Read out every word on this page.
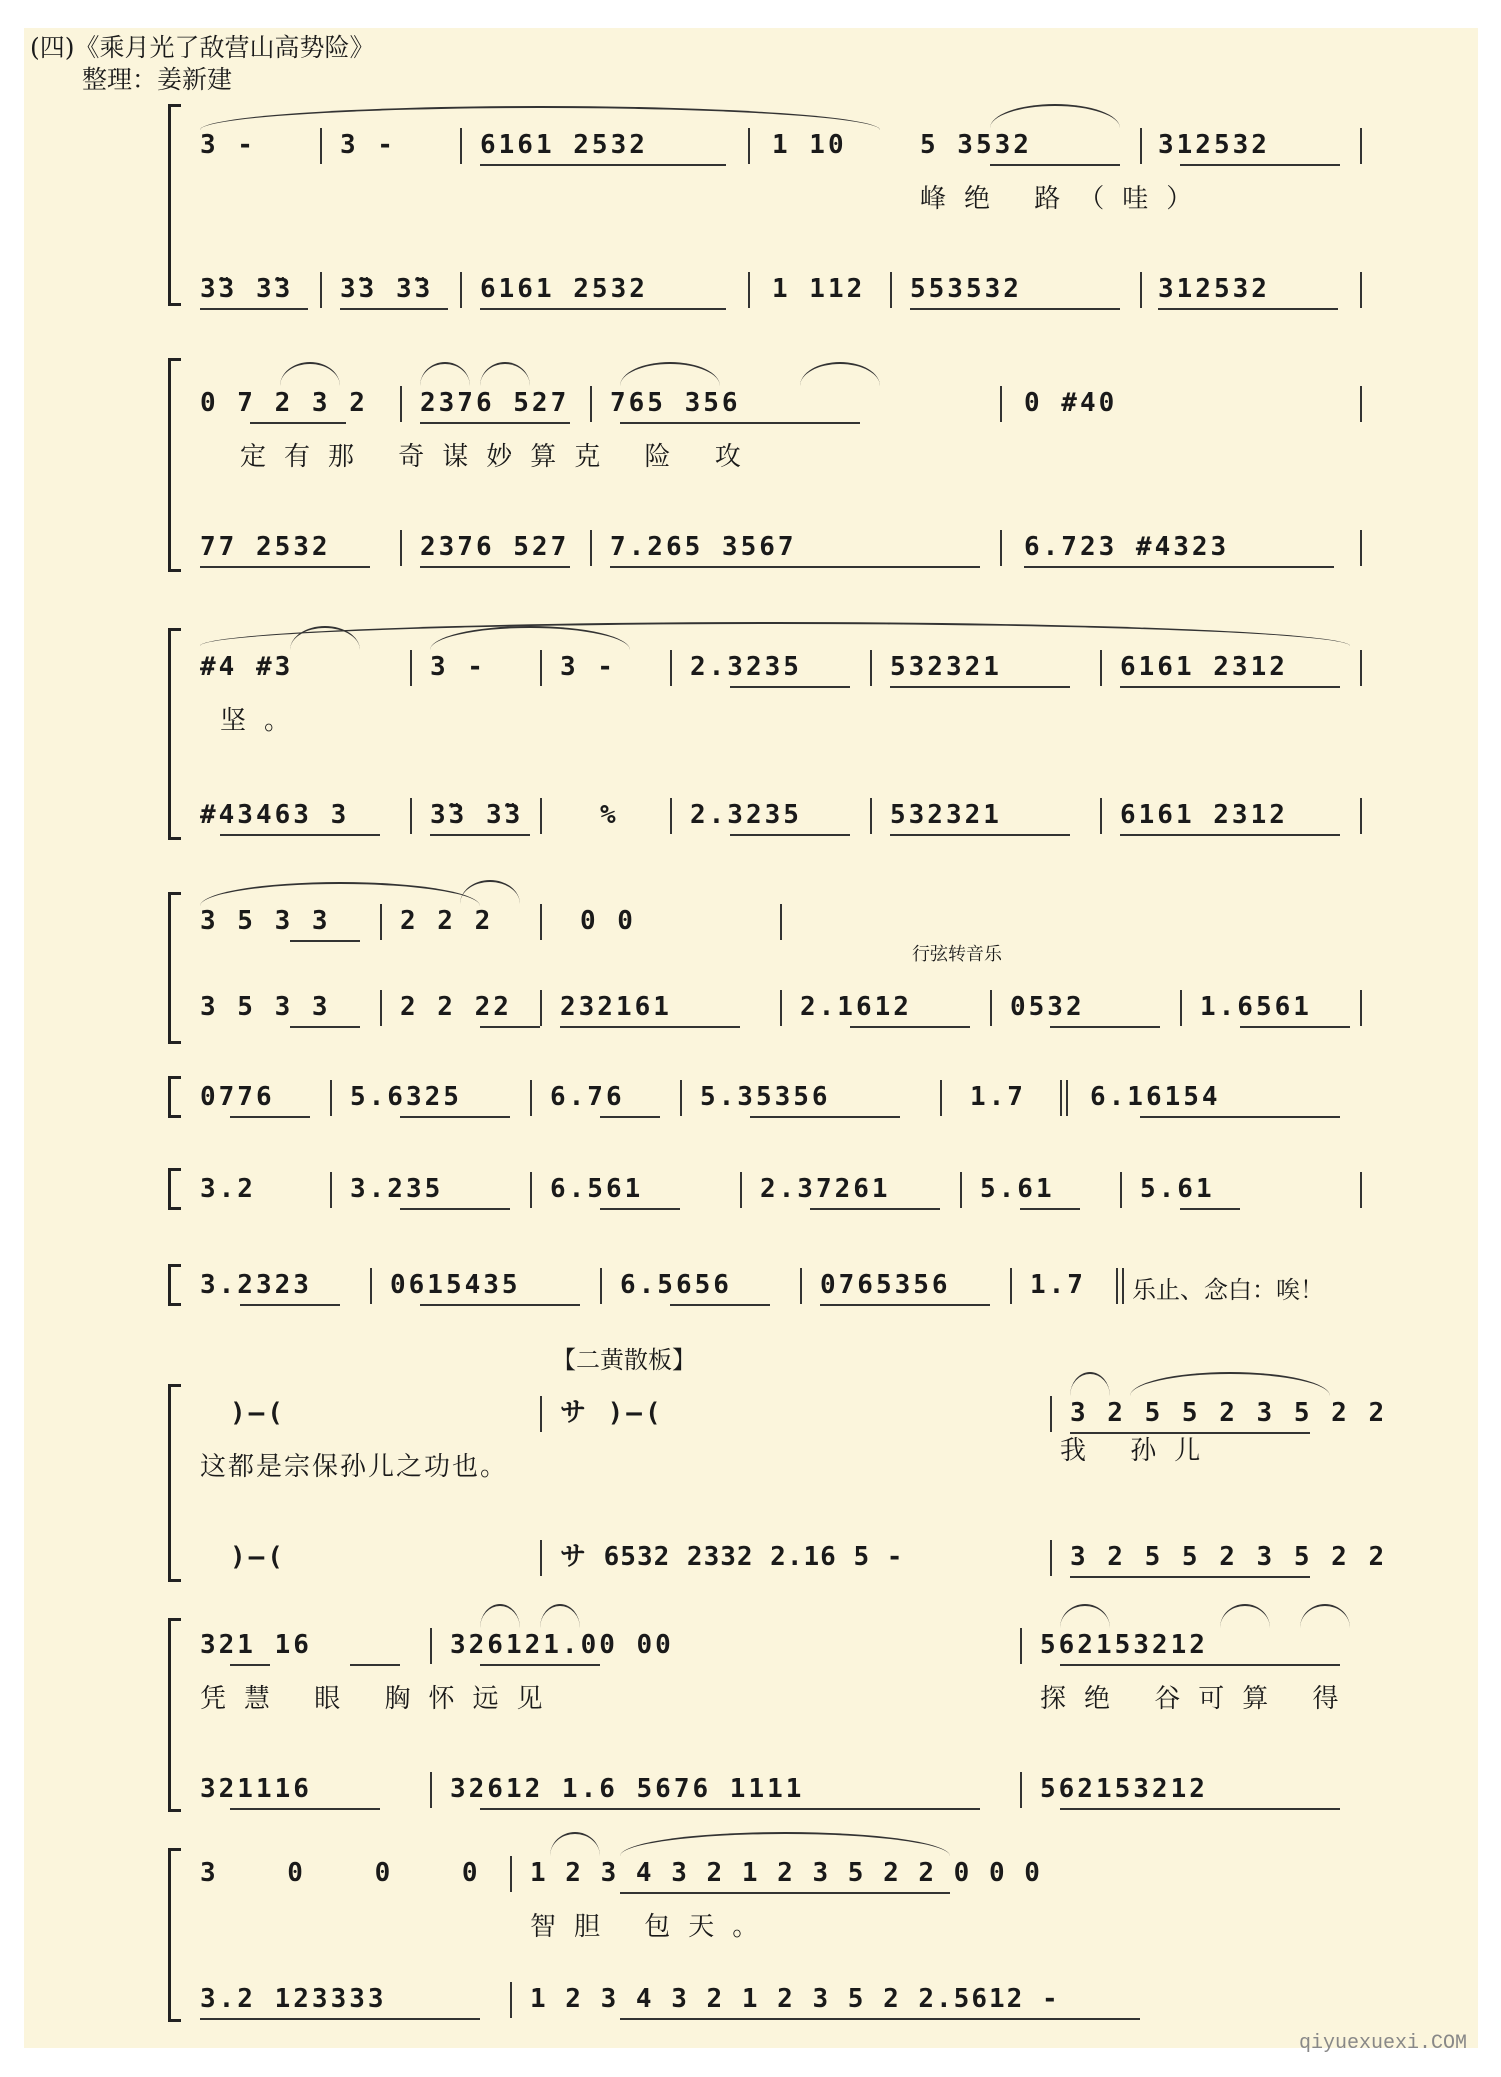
(四)《乘月光了敌营山高势险》
整理：姜新建
3 -	3 -	6161 2532	1 10	5 3532	312532
峰绝 路（哇）
3̃3 3̃3 3̃3 3̃3 6161 2532	1 112 553532	312532
0 7 2 3 2 2376 527 765 356	0 #40
定有那 奇谋妙算克 险 攻
77 2532	2376 527 7.265 3567	6.723 #4323
#4 #3	3 -	3 -	2.3235	532321	6161 2312
坚。
#43463 3	3̃3 3̃3	%	2.3235	532321	6161 2312
3 5 3 3	2 2 2	0 0
行弦转音乐
3 5 3 3	2 2 22 232161	2.1612	0532	1.6561
0776	5.6325	6.76	5.35356	1.7 6.16154
3.2	3.235	6.561	2.37261	5.61	5.61
3.2323	0615435	6.5656	0765356	1.7 乐止、念白：唉！
【二黄散板】
)—(	サ )—(	3 2 5 5 2 3 5 2 2
这都是宗保孙儿之功也。
我 孙儿
)—(	サ 6532 2332 2.16 5 -	3 2 5 5 2 3 5 2 2
321 16	326121.00 00	562153212
凭慧 眼 胸怀远见	探绝 谷可算 得
321116	32612 1.6 5676 1111	562153212
3 0 0 0 1 2 3 4 3 2 1 2 3 5 2 2 0 0 0
智胆 包天。
3.2 123333	1 2 3 4 3 2 1 2 3 5 2 2.5612 -
qiyuexuexi.COM
